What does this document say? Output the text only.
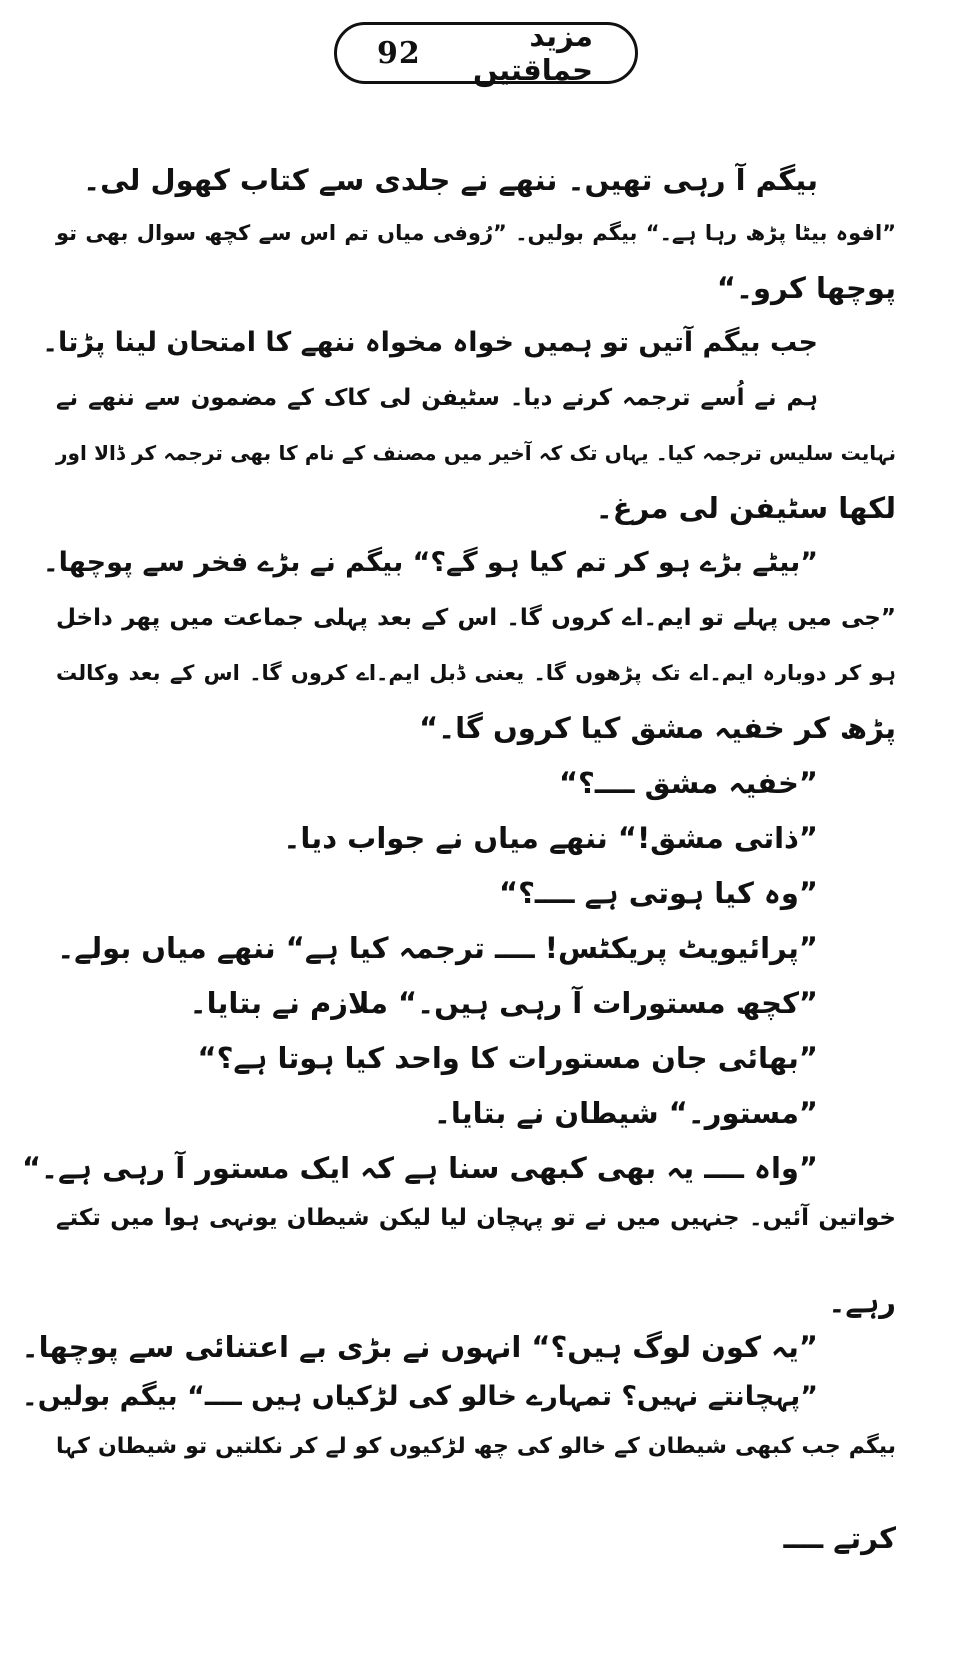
92	مزید حماقتیں
بیگم آ رہی تھیں۔ ننھے نے جلدی سے کتاب کھول لی۔
”افوہ بیٹا پڑھ رہا ہے۔“ بیگم بولیں۔ ”رُوفی میاں تم اس سے کچھ سوال بھی تو
پوچھا کرو۔“
جب بیگم آتیں تو ہمیں خواہ مخواہ ننھے کا امتحان لینا پڑتا۔
ہم نے اُسے ترجمہ کرنے دیا۔ سٹیفن لی کاک کے مضمون سے ننھے نے
نہایت سلیس ترجمہ کیا۔ یہاں تک کہ آخیر میں مصنف کے نام کا بھی ترجمہ کر ڈالا اور
لکھا سٹیفن لی مرغ۔
”بیٹے بڑے ہو کر تم کیا ہو گے؟“ بیگم نے بڑے فخر سے پوچھا۔
”جی میں پہلے تو ایم۔اے کروں گا۔ اس کے بعد پہلی جماعت میں پھر داخل
ہو کر دوبارہ ایم۔اے تک پڑھوں گا۔ یعنی ڈبل ایم۔اے کروں گا۔ اس کے بعد وکالت
پڑھ کر خفیہ مشق کیا کروں گا۔“
”خفیہ مشق ــــ؟“
”ذاتی مشق!“ ننھے میاں نے جواب دیا۔
”وہ کیا ہوتی ہے ــــ؟“
”پرائیویٹ پریکٹس! ــــ ترجمہ کیا ہے“ ننھے میاں بولے۔
”کچھ مستورات آ رہی ہیں۔“ ملازم نے بتایا۔
”بھائی جان مستورات کا واحد کیا ہوتا ہے؟“
”مستور۔“ شیطان نے بتایا۔
”واہ ــــ یہ بھی کبھی سنا ہے کہ ایک مستور آ رہی ہے۔“
خواتین آئیں۔ جنہیں میں نے تو پہچان لیا لیکن شیطان یونہی ہوا میں تکتے
رہے۔
”یہ کون لوگ ہیں؟“ انہوں نے بڑی بے اعتنائی سے پوچھا۔
”پہچانتے نہیں؟ تمہارے خالو کی لڑکیاں ہیں ــــ“ بیگم بولیں۔
بیگم جب کبھی شیطان کے خالو کی چھ لڑکیوں کو لے کر نکلتیں تو شیطان کہا
کرتے ــــ
